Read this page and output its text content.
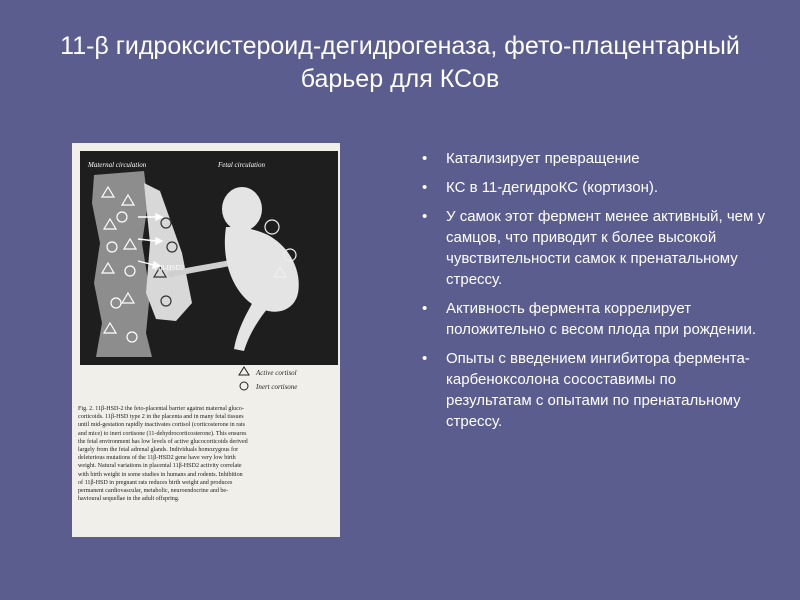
11-β гидроксистероид-дегидрогеназа, фето-плацентарный барьер для КСов
Maternal circulation	Fetal circulation
11β-HSD2
Active cortisol
Inert cortisone
Fig. 2. 11β-HSD-2 the feto-placental barrier against maternal gluco-
corticoids. 11β-HSD type 2 in the placenta and in many fetal tissues
until mid-gestation rapidly inactivates cortisol (corticosterone in rats
and mice) to inert cortisone (11-dehydrocorticosterone). This ensures
the fetal environment has low levels of active glucocorticoids derived
largely from the fetal adrenal glands. Individuals homozygous for
deleterious mutations of the 11β-HSD2 gene have very low birth
weight. Natural variations in placental 11β-HSD2 activity correlate
with birth weight in some studies in humans and rodents. Inhibition
of 11β-HSD in pregnant rats reduces birth weight and produces
permanent cardiovascular, metabolic, neuroendocrine and be-
havioural sequellae in the adult offspring.
• Катализирует превращение
• КС в 11-дегидроКС (кортизон).
• У самок этот фермент менее активный, чем у самцов, что приводит к более высокой чувствительности самок к пренатальному стрессу.
• Активность фермента коррелирует положительно с весом плода при рождении.
• Опыты с введением ингибитора фермента- карбеноксолона сосоставимы по результатам с опытами по пренатальному стрессу.
